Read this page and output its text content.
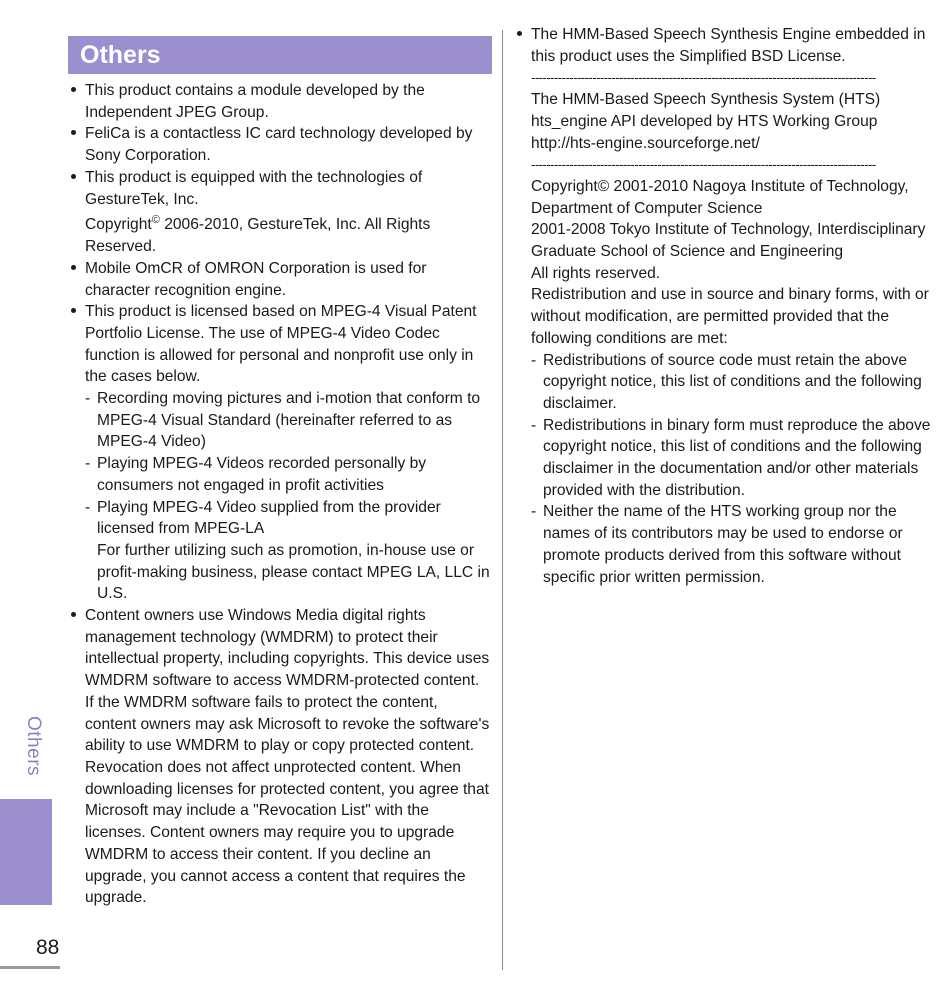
Others
This product contains a module developed by the Independent JPEG Group.
FeliCa is a contactless IC card technology developed by Sony Corporation.
This product is equipped with the technologies of GestureTek, Inc.
Copyright© 2006-2010, GestureTek, Inc. All Rights Reserved.
Mobile OmCR of OMRON Corporation is used for character recognition engine.
This product is licensed based on MPEG-4 Visual Patent Portfolio License. The use of MPEG-4 Video Codec function is allowed for personal and nonprofit use only in the cases below.
- Recording moving pictures and i-motion that conform to MPEG-4 Visual Standard (hereinafter referred to as MPEG-4 Video)
- Playing MPEG-4 Videos recorded personally by consumers not engaged in profit activities
- Playing MPEG-4 Video supplied from the provider licensed from MPEG-LA
For further utilizing such as promotion, in-house use or profit-making business, please contact MPEG LA, LLC in U.S.
Content owners use Windows Media digital rights management technology (WMDRM) to protect their intellectual property, including copyrights. This device uses WMDRM software to access WMDRM-protected content. If the WMDRM software fails to protect the content, content owners may ask Microsoft to revoke the software's ability to use WMDRM to play or copy protected content. Revocation does not affect unprotected content. When downloading licenses for protected content, you agree that Microsoft may include a "Revocation List" with the licenses. Content owners may require you to upgrade WMDRM to access their content. If you decline an upgrade, you cannot access a content that requires the upgrade.
The HMM-Based Speech Synthesis Engine embedded in this product uses the Simplified BSD License.
------------------------------------------------------------------------------------------
The HMM-Based Speech Synthesis System (HTS)
hts_engine API developed by HTS Working Group
http://hts-engine.sourceforge.net/
------------------------------------------------------------------------------------------
Copyright© 2001-2010 Nagoya Institute of Technology, Department of Computer Science
2001-2008 Tokyo Institute of Technology, Interdisciplinary Graduate School of Science and Engineering
All rights reserved.
Redistribution and use in source and binary forms, with or without modification, are permitted provided that the following conditions are met:
- Redistributions of source code must retain the above copyright notice, this list of conditions and the following disclaimer.
- Redistributions in binary form must reproduce the above copyright notice, this list of conditions and the following disclaimer in the documentation and/or other materials provided with the distribution.
- Neither the name of the HTS working group nor the names of its contributors may be used to endorse or promote products derived from this software without specific prior written permission.
Others
88
